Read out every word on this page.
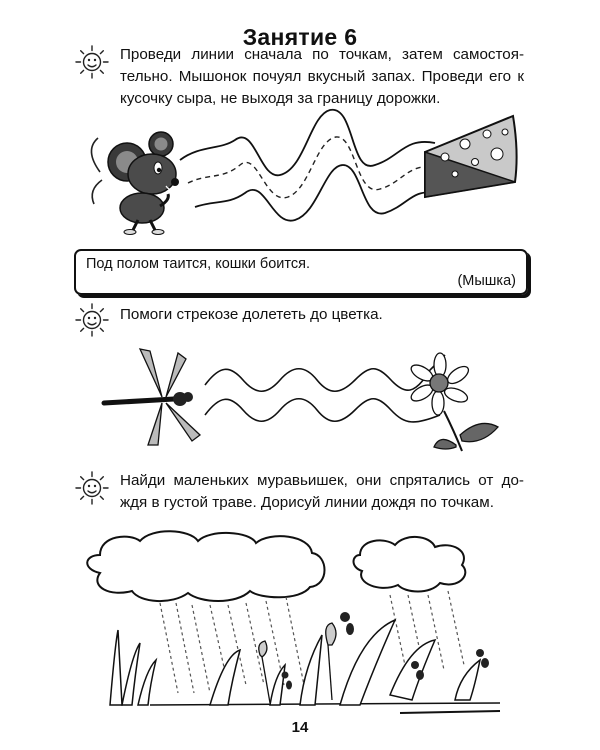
Занятие 6
Проведи линии сначала по точкам, затем самостоя-тельно. Мышонок почуял вкусный запах. Проведи его к кусочку сыра, не выходя за границу дорожки.
Под полом таится, кошки боится.
(Мышка)
Помоги стрекозе долететь до цветка.
Найди маленьких муравьишек, они спрятались от до-ждя в густой траве. Дорисуй линии дождя по точкам.
14
